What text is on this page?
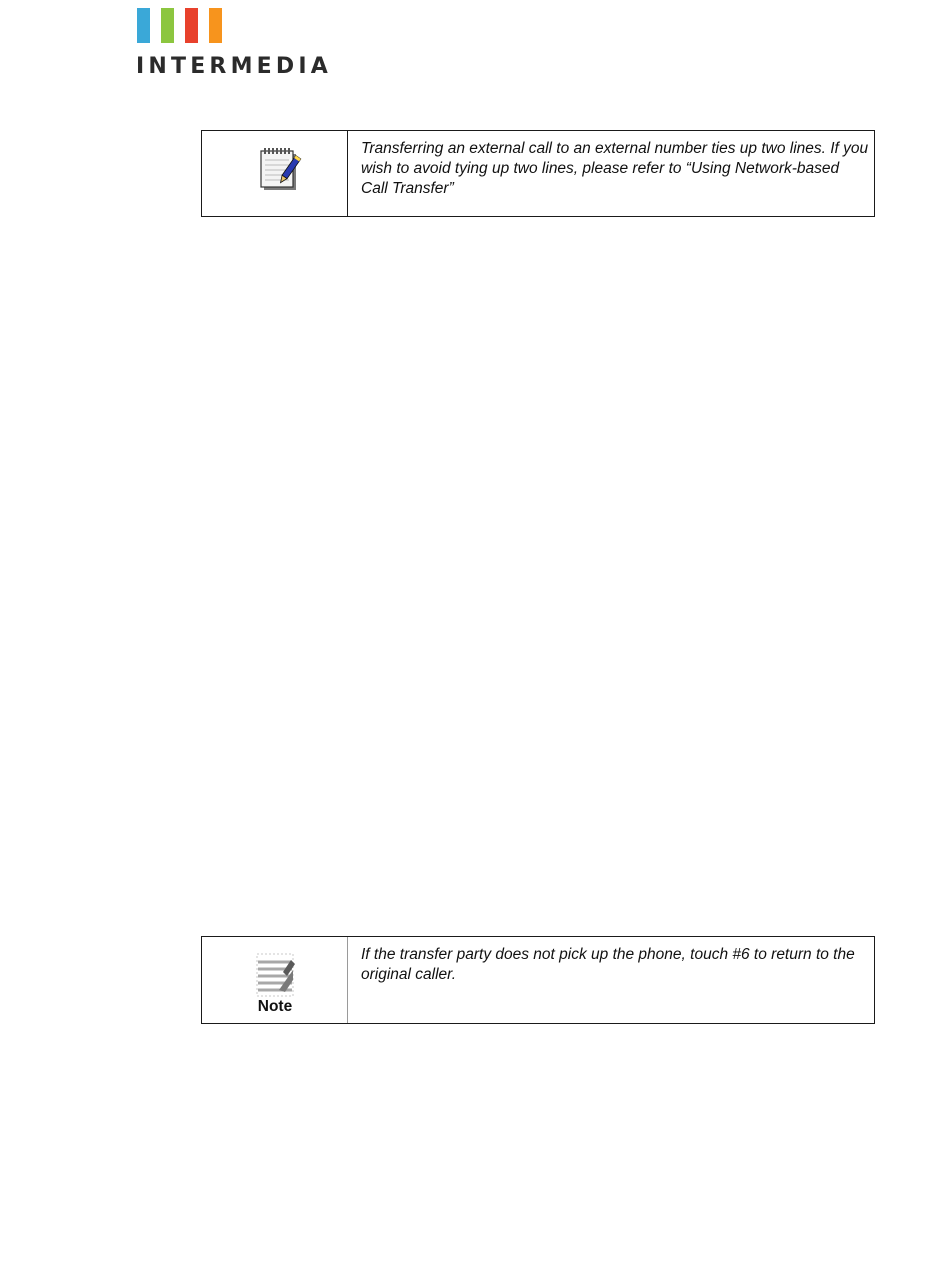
INTERMEDIA
Transferring an external call to an external number ties up two lines. If you wish to avoid tying up two lines, please refer to “Using Network-based Call Transfer”
Note
If the transfer party does not pick up the phone, touch #6 to return to the original caller.
